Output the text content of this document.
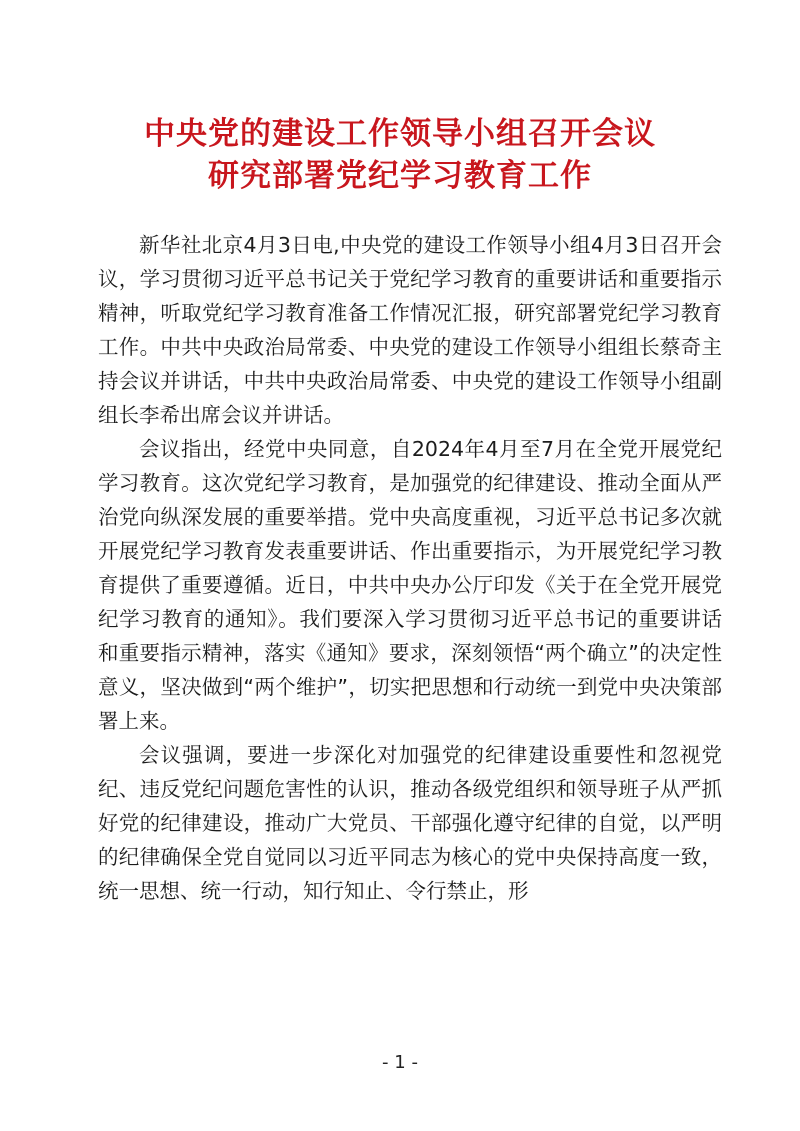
中央党的建设工作领导小组召开会议
研究部署党纪学习教育工作

新华社北京4月3日电,中央党的建设工作领导小组4月3日召开会议，学习贯彻习近平总书记关于党纪学习教育的重要讲话和重要指示精神，听取党纪学习教育准备工作情况汇报，研究部署党纪学习教育工作。中共中央政治局常委、中央党的建设工作领导小组组长蔡奇主持会议并讲话，中共中央政治局常委、中央党的建设工作领导小组副组长李希出席会议并讲话。

会议指出，经党中央同意，自2024年4月至7月在全党开展党纪学习教育。这次党纪学习教育，是加强党的纪律建设、推动全面从严治党向纵深发展的重要举措。党中央高度重视，习近平总书记多次就开展党纪学习教育发表重要讲话、作出重要指示，为开展党纪学习教育提供了重要遵循。近日，中共中央办公厅印发《关于在全党开展党纪学习教育的通知》。我们要深入学习贯彻习近平总书记的重要讲话和重要指示精神，落实《通知》要求，深刻领悟“两个确立”的决定性意义，坚决做到“两个维护”，切实把思想和行动统一到党中央决策部署上来。

会议强调，要进一步深化对加强党的纪律建设重要性和忽视党纪、违反党纪问题危害性的认识，推动各级党组织和领导班子从严抓好党的纪律建设，推动广大党员、干部强化遵守纪律的自觉，以严明的纪律确保全党自觉同以习近平同志为核心的党中央保持高度一致，统一思想、统一行动，知行知止、令行禁止，形

- 1 -
